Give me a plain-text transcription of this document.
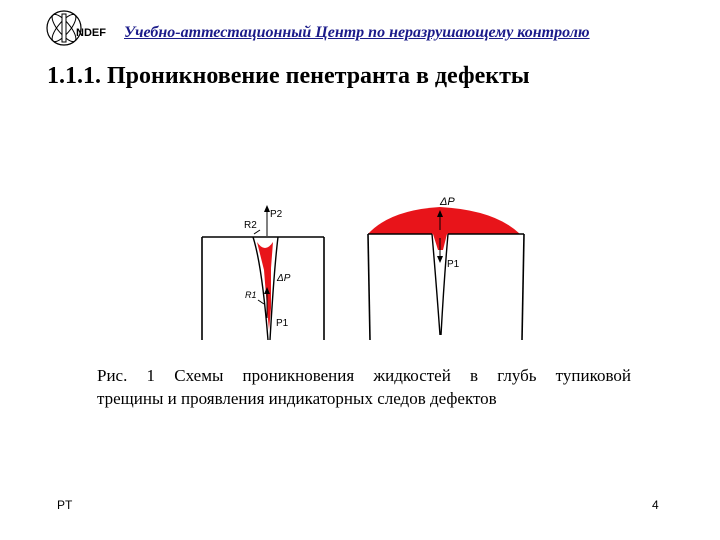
NDEF Учебно-аттестационный Центр по неразрушающему контролю
1.1.1. Проникновение пенетранта в дефекты
P2
R2
ΔP
R1
P1
ΔP
P1
Рис. 1 Схемы проникновения жидкостей в глубь тупиковой
трещины и проявления индикаторных следов дефектов
PT	4
